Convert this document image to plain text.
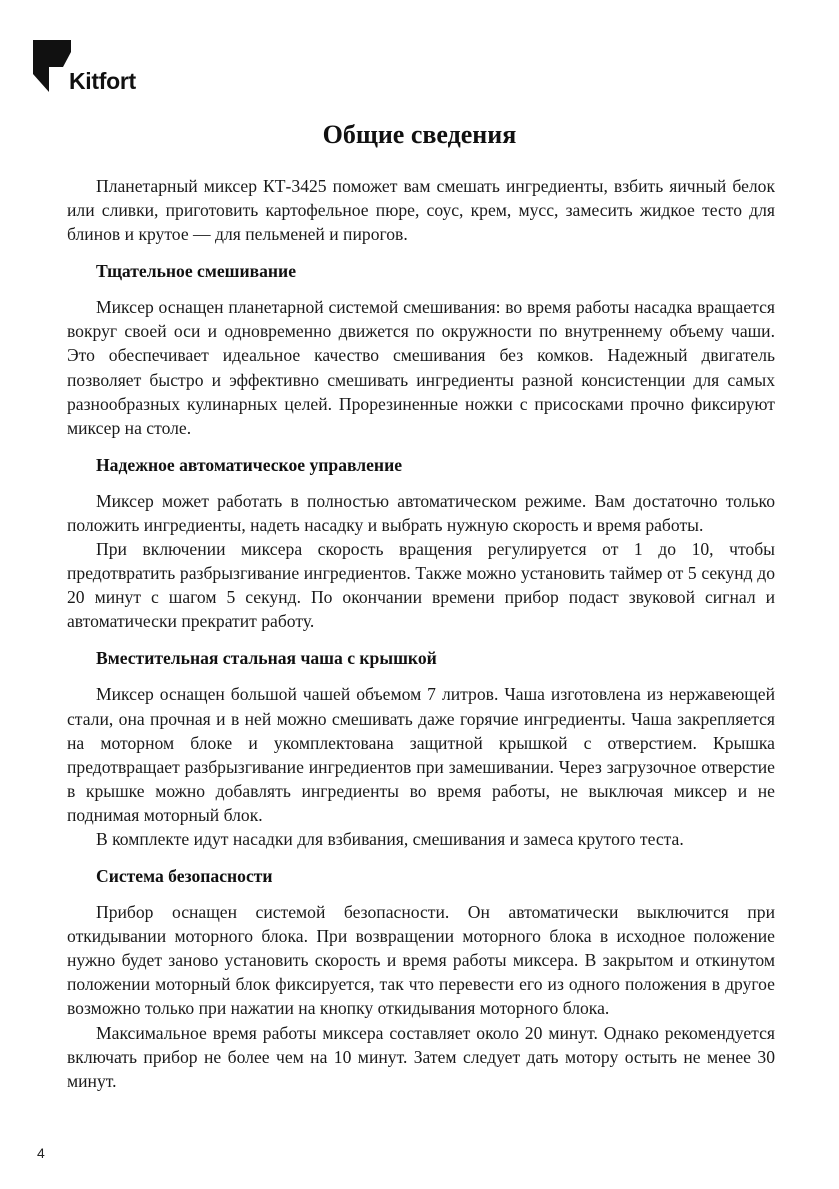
Kitfort
Общие сведения

Планетарный миксер КТ-3425 поможет вам смешать ингредиенты, взбить яичный белок или сливки, приготовить картофельное пюре, соус, крем, мусс, замесить жидкое тесто для блинов и крутое — для пельменей и пирогов.

Тщательное смешивание

Миксер оснащен планетарной системой смешивания: во время работы насадка вращается вокруг своей оси и одновременно движется по окружности по внутреннему объему чаши. Это обеспечивает идеальное качество смешивания без комков. Надежный двигатель позволяет быстро и эффективно смешивать ингредиенты разной консистенции для самых разнообразных кулинарных целей. Прорезиненные ножки с присосками прочно фиксируют миксер на столе.

Надежное автоматическое управление

Миксер может работать в полностью автоматическом режиме. Вам достаточно только положить ингредиенты, надеть насадку и выбрать нужную скорость и время работы.

При включении миксера скорость вращения регулируется от 1 до 10, чтобы предотвратить разбрызгивание ингредиентов. Также можно установить таймер от 5 секунд до 20 минут с шагом 5 секунд. По окончании времени прибор подаст звуковой сигнал и автоматически прекратит работу.

Вместительная стальная чаша с крышкой

Миксер оснащен большой чашей объемом 7 литров. Чаша изготовлена из нержавеющей стали, она прочная и в ней можно смешивать даже горячие ингредиенты. Чаша закрепляется на моторном блоке и укомплектована защитной крышкой с отверстием. Крышка предотвращает разбрызгивание ингредиентов при замешивании. Через загрузочное отверстие в крышке можно добавлять ингредиенты во время работы, не выключая миксер и не поднимая моторный блок.

В комплекте идут насадки для взбивания, смешивания и замеса крутого теста.

Система безопасности

Прибор оснащен системой безопасности. Он автоматически выключится при откидывании моторного блока. При возвращении моторного блока в исходное положение нужно будет заново установить скорость и время работы миксера. В закрытом и откинутом положении моторный блок фиксируется, так что перевести его из одного положения в другое возможно только при нажатии на кнопку откидывания моторного блока.

Максимальное время работы миксера составляет около 20 минут. Однако рекомендуется включать прибор не более чем на 10 минут. Затем следует дать мотору остыть не менее 30 минут.

4
